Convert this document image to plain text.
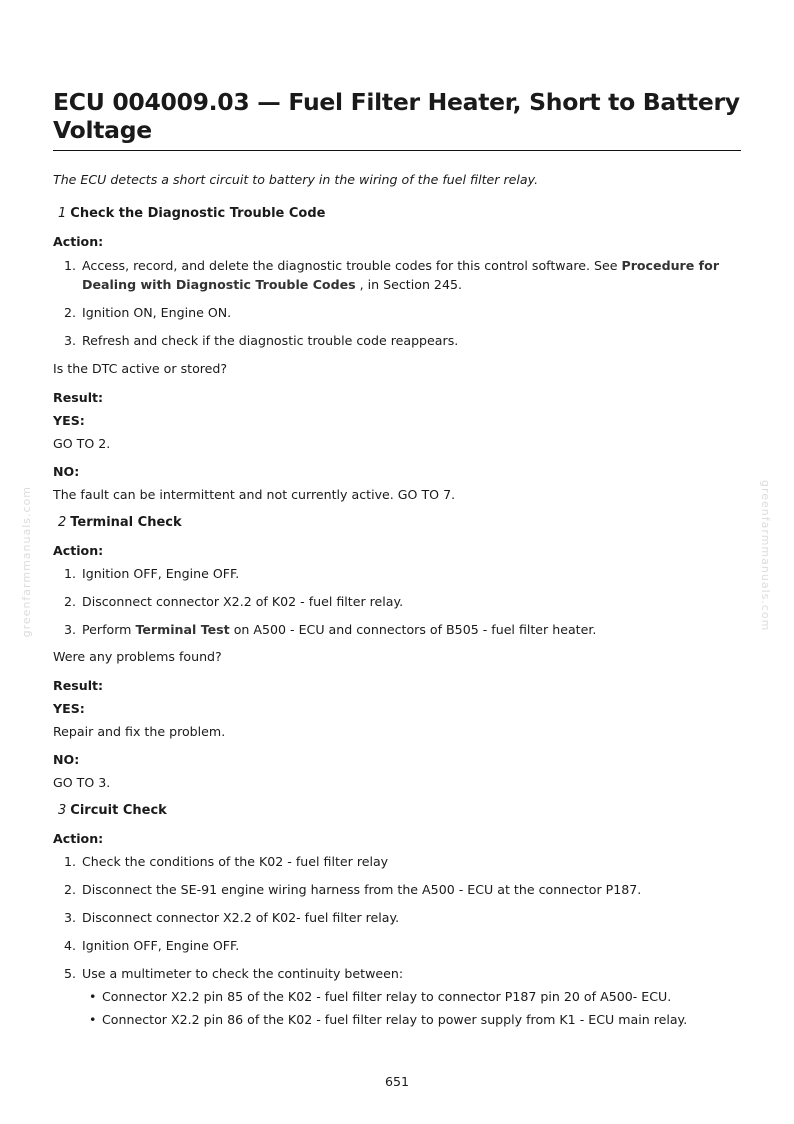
greenfarmmanuals.com	greenfarmmanuals.com
ECU 004009.03 — Fuel Filter Heater, Short to Battery Voltage

The ECU detects a short circuit to battery in the wiring of the fuel filter relay.

1 Check the Diagnostic Trouble Code

Action:

1. Access, record, and delete the diagnostic trouble codes for this control software. See Procedure for Dealing with Diagnostic Trouble Codes , in Section 245.
2. Ignition ON, Engine ON.
3. Refresh and check if the diagnostic trouble code reappears.

Is the DTC active or stored?

Result:

YES:

GO TO 2.

NO:

The fault can be intermittent and not currently active. GO TO 7.

2 Terminal Check

Action:

1. Ignition OFF, Engine OFF.
2. Disconnect connector X2.2 of K02 - fuel filter relay.
3. Perform Terminal Test on A500 - ECU and connectors of B505 - fuel filter heater.

Were any problems found?

Result:

YES:

Repair and fix the problem.

NO:

GO TO 3.

3 Circuit Check

Action:

1. Check the conditions of the K02 - fuel filter relay
2. Disconnect the SE-91 engine wiring harness from the A500 - ECU at the connector P187.
3. Disconnect connector X2.2 of K02- fuel filter relay.
4. Ignition OFF, Engine OFF.
5. Use a multimeter to check the continuity between:
• Connector X2.2 pin 85 of the K02 - fuel filter relay to connector P187 pin 20 of A500- ECU.
• Connector X2.2 pin 86 of the K02 - fuel filter relay to power supply from K1 - ECU main relay.
651
